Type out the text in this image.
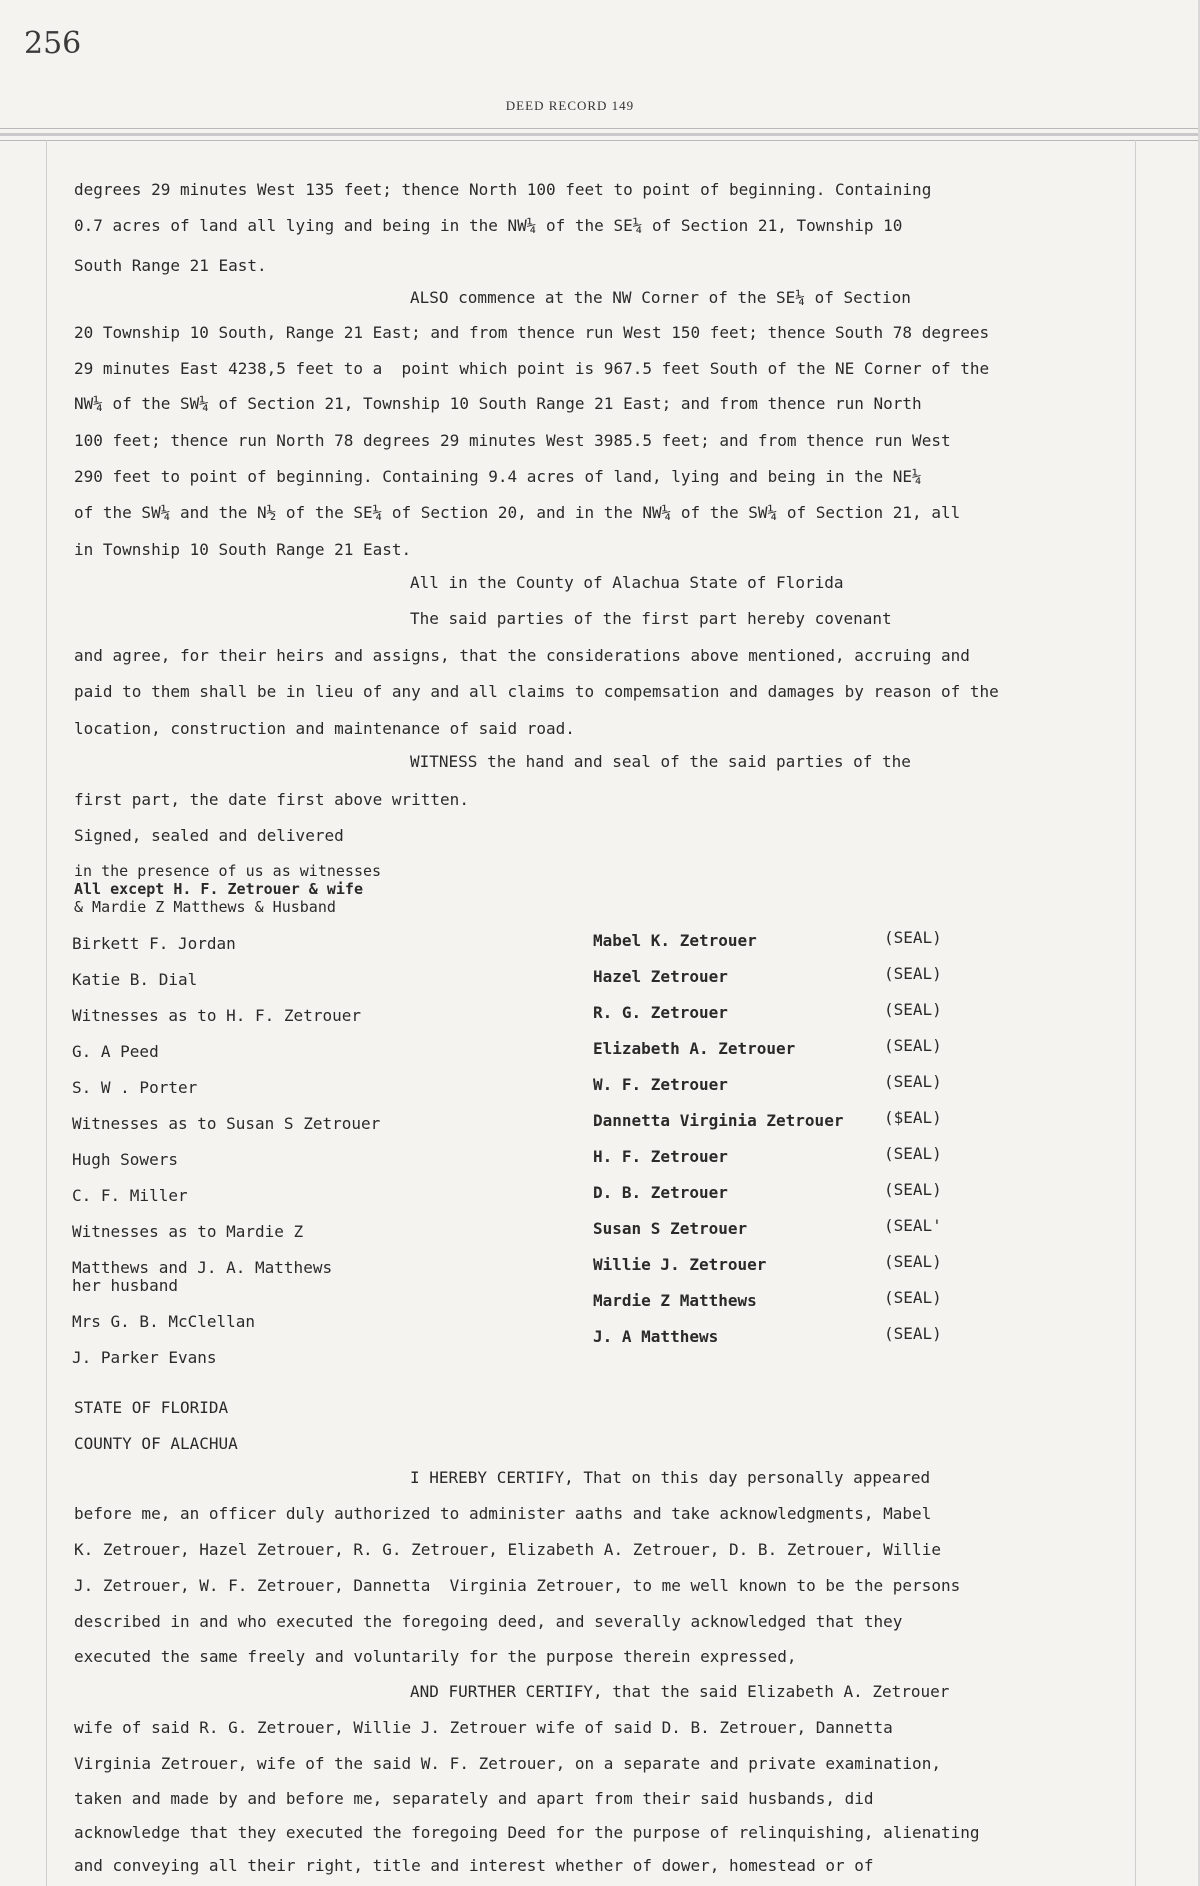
256
DEED RECORD 149
degrees 29 minutes West 135 feet; thence North 100 feet to point of beginning. Containing
0.7 acres of land all lying and being in the NW¼ of the SE¼ of Section 21, Township 10
South Range 21 East.
ALSO commence at the NW Corner of the SE¼ of Section
20 Township 10 South, Range 21 East; and from thence run West 150 feet; thence South 78 degrees
29 minutes East 4238,5 feet to a  point which point is 967.5 feet South of the NE Corner of the
NW¼ of the SW¼ of Section 21, Township 10 South Range 21 East; and from thence run North
100 feet; thence run North 78 degrees 29 minutes West 3985.5 feet; and from thence run West
290 feet to point of beginning. Containing 9.4 acres of land, lying and being in the NE¼
of the SW¼ and the N½ of the SE¼ of Section 20, and in the NW¼ of the SW¼ of Section 21, all
in Township 10 South Range 21 East.
All in the County of Alachua State of Florida
The said parties of the first part hereby covenant
and agree, for their heirs and assigns, that the considerations above mentioned, accruing and
paid to them shall be in lieu of any and all claims to compemsation and damages by reason of the
location, construction and maintenance of said road.
WITNESS the hand and seal of the said parties of the
first part, the date first above written.
Signed, sealed and delivered
in the presence of us as witnesses
All except H. F. Zetrouer & wife
& Mardie Z Matthews & Husband
Birkett F. Jordan
Katie B. Dial
Witnesses as to H. F. Zetrouer
G. A Peed
S. W . Porter
Witnesses as to Susan S Zetrouer
Hugh Sowers
C. F. Miller
Witnesses as to Mardie Z
Matthews and J. A. Matthews
her husband
Mrs G. B. McClellan
J. Parker Evans
Mabel K. Zetrouer
Hazel Zetrouer
R. G. Zetrouer
Elizabeth A. Zetrouer
W. F. Zetrouer
Dannetta Virginia Zetrouer
H. F. Zetrouer
D. B. Zetrouer
Susan S Zetrouer
Willie J. Zetrouer
Mardie Z Matthews
J. A Matthews
(SEAL)
(SEAL)
(SEAL)
(SEAL)
(SEAL)
($EAL)
(SEAL)
(SEAL)
(SEAL'
(SEAL)
(SEAL)
(SEAL)
STATE OF FLORIDA
COUNTY OF ALACHUA
I HEREBY CERTIFY, That on this day personally appeared
before me, an officer duly authorized to administer aaths and take acknowledgments, Mabel
K. Zetrouer, Hazel Zetrouer, R. G. Zetrouer, Elizabeth A. Zetrouer, D. B. Zetrouer, Willie
J. Zetrouer, W. F. Zetrouer, Dannetta  Virginia Zetrouer, to me well known to be the persons
described in and who executed the foregoing deed, and severally acknowledged that they
executed the same freely and voluntarily for the purpose therein expressed,
AND FURTHER CERTIFY, that the said Elizabeth A. Zetrouer
wife of said R. G. Zetrouer, Willie J. Zetrouer wife of said D. B. Zetrouer, Dannetta
Virginia Zetrouer, wife of the said W. F. Zetrouer, on a separate and private examination,
taken and made by and before me, separately and apart from their said husbands, did
acknowledge that they executed the foregoing Deed for the purpose of relinquishing, alienating
and conveying all their right, title and interest whether of dower, homestead or of
